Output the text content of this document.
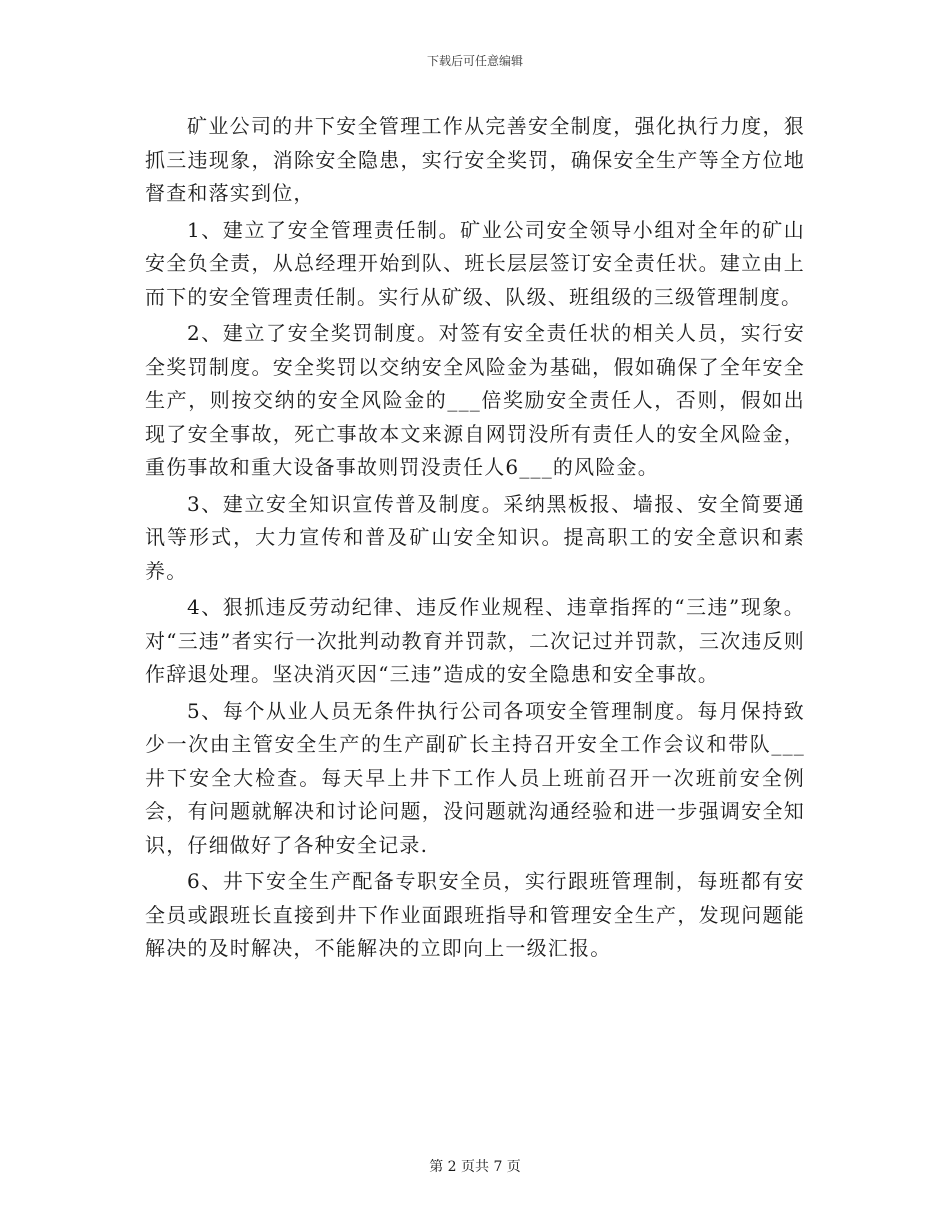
下载后可任意编辑

矿业公司的井下安全管理工作从完善安全制度，强化执行力度，狠抓三违现象，消除安全隐患，实行安全奖罚，确保安全生产等全方位地督查和落实到位，

1、建立了安全管理责任制。矿业公司安全领导小组对全年的矿山安全负全责，从总经理开始到队、班长层层签订安全责任状。建立由上而下的安全管理责任制。实行从矿级、队级、班组级的三级管理制度。

2、建立了安全奖罚制度。对签有安全责任状的相关人员，实行安全奖罚制度。安全奖罚以交纳安全风险金为基础，假如确保了全年安全生产，则按交纳的安全风险金的___倍奖励安全责任人，否则，假如出现了安全事故，死亡事故本文来源自网罚没所有责任人的安全风险金，重伤事故和重大设备事故则罚没责任人6___的风险金。

3、建立安全知识宣传普及制度。采纳黑板报、墙报、安全简要通讯等形式，大力宣传和普及矿山安全知识。提高职工的安全意识和素养。

4、狠抓违反劳动纪律、违反作业规程、违章指挥的“三违”现象。对“三违”者实行一次批判动教育并罚款，二次记过并罚款，三次违反则作辞退处理。坚决消灭因“三违”造成的安全隐患和安全事故。

5、每个从业人员无条件执行公司各项安全管理制度。每月保持致少一次由主管安全生产的生产副矿长主持召开安全工作会议和带队___井下安全大检查。每天早上井下工作人员上班前召开一次班前安全例会，有问题就解决和讨论问题，没问题就沟通经验和进一步强调安全知识，仔细做好了各种安全记录.

6、井下安全生产配备专职安全员，实行跟班管理制，每班都有安全员或跟班长直接到井下作业面跟班指导和管理安全生产，发现问题能解决的及时解决，不能解决的立即向上一级汇报。

第 2 页共 7 页
